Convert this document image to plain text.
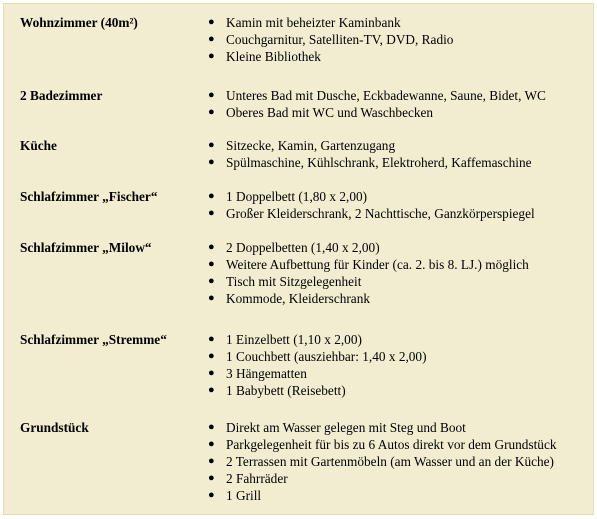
Wohnzimmer (40m²)	● Kamin mit beheizter Kaminbank
● Couchgarnitur, Satelliten-TV, DVD, Radio
● Kleine Bibliothek
2 Badezimmer	● Unteres Bad mit Dusche, Eckbadewanne, Saune, Bidet, WC
● Oberes Bad mit WC und Waschbecken
Küche	● Sitzecke, Kamin, Gartenzugang
● Spülmaschine, Kühlschrank, Elektroherd, Kaffemaschine
Schlafzimmer „Fischer“	● 1 Doppelbett (1,80 x 2,00)
● Großer Kleiderschrank, 2 Nachttische, Ganzkörperspiegel
Schlafzimmer „Milow“	● 2 Doppelbetten (1,40 x 2,00)
● Weitere Aufbettung für Kinder (ca. 2. bis 8. LJ.) möglich
● Tisch mit Sitzgelegenheit
● Kommode, Kleiderschrank
Schlafzimmer „Stremme“	● 1 Einzelbett (1,10 x 2,00)
● 1 Couchbett (ausziehbar: 1,40 x 2,00)
● 3 Hängematten
● 1 Babybett (Reisebett)
Grundstück	● Direkt am Wasser gelegen mit Steg und Boot
● Parkgelegenheit für bis zu 6 Autos direkt vor dem Grundstück
● 2 Terrassen mit Gartenmöbeln (am Wasser und an der Küche)
● 2 Fahrräder
● 1 Grill
